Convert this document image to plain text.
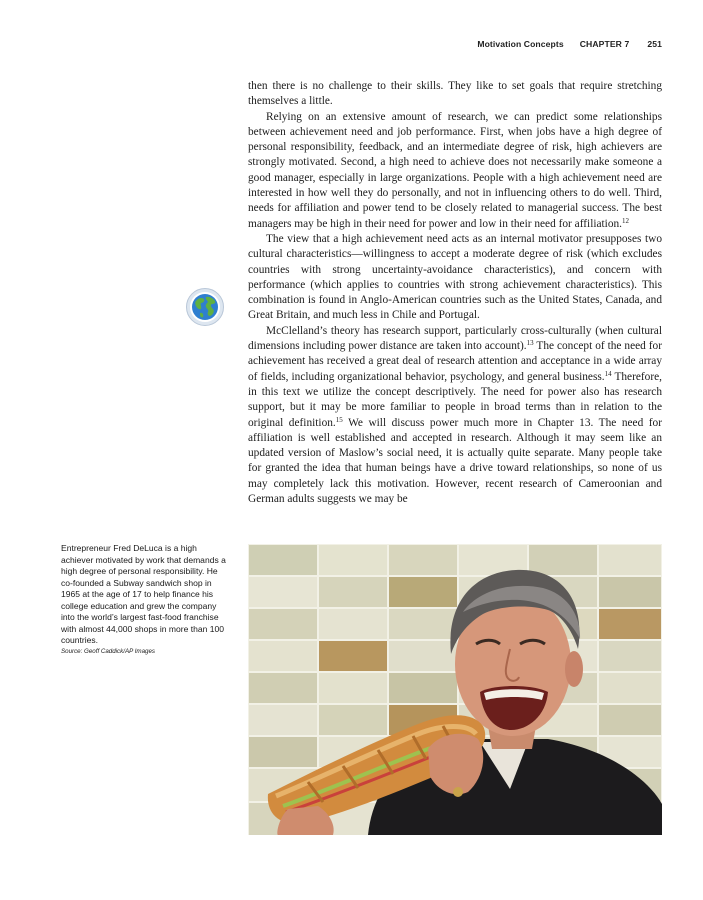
Motivation Concepts CHAPTER 7 251

then there is no challenge to their skills. They like to set goals that require stretching themselves a little.

Relying on an extensive amount of research, we can predict some relationships between achievement need and job performance. First, when jobs have a high degree of personal responsibility, feedback, and an intermediate degree of risk, high achievers are strongly motivated. Second, a high need to achieve does not necessarily make someone a good manager, especially in large organizations. People with a high achievement need are interested in how well they do personally, and not in influencing others to do well. Third, needs for affiliation and power tend to be closely related to managerial success. The best managers may be high in their need for power and low in their need for affiliation.$^{12}$

The view that a high achievement need acts as an internal motivator presupposes two cultural characteristics—willingness to accept a moderate degree of risk (which excludes countries with strong uncertainty-avoidance characteristics), and concern with performance (which applies to countries with strong achievement characteristics). This combination is found in Anglo-American countries such as the United States, Canada, and Great Britain, and much less in Chile and Portugal.

McClelland’s theory has research support, particularly cross-culturally (when cultural dimensions including power distance are taken into account).$^{13}$ The concept of the need for achievement has received a great deal of research attention and acceptance in a wide array of fields, including organizational behavior, psychology, and general business.$^{14}$ Therefore, in this text we utilize the concept descriptively. The need for power also has research support, but it may be more familiar to people in broad terms than in relation to the original definition.$^{15}$ We will discuss power much more in Chapter 13. The need for affiliation is well established and accepted in research. Although it may seem like an updated version of Maslow’s social need, it is actually quite separate. Many people take for granted the idea that human beings have a drive toward relationships, so none of us may completely lack this motivation. However, recent research of Cameroonian and German adults suggests we may be

Entrepreneur Fred DeLuca is a high achiever motivated by work that demands a high degree of personal responsibility. He co-founded a Subway sandwich shop in 1965 at the age of 17 to help finance his college education and grew the company into the world’s largest fast-food franchise with almost 44,000 shops in more than 100 countries.
Source: Geoff Caddick/AP Images
